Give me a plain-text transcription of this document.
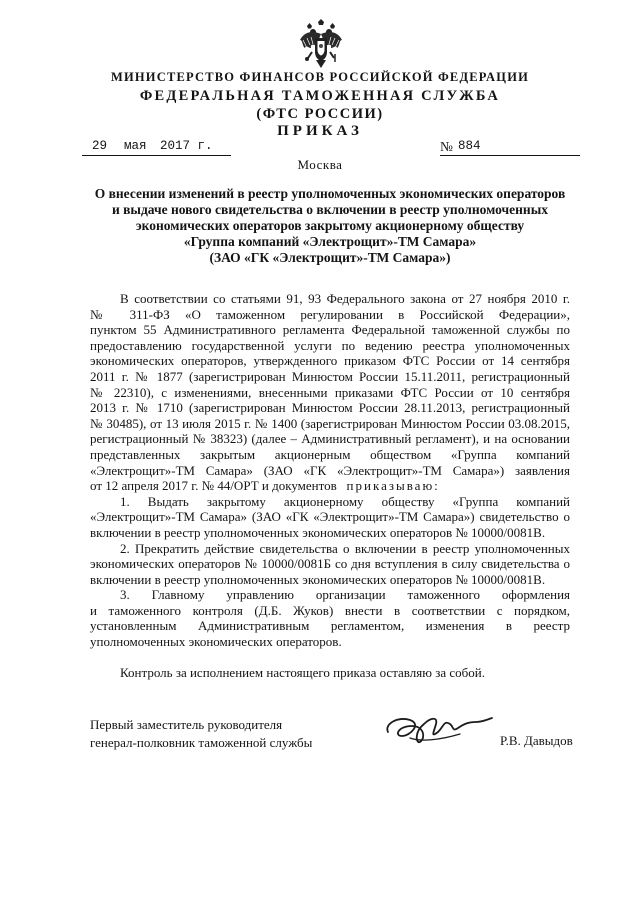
МИНИСТЕРСТВО ФИНАНСОВ РОССИЙСКОЙ ФЕДЕРАЦИИ
ФЕДЕРАЛЬНАЯ ТАМОЖЕННАЯ СЛУЖБА
(ФТС РОССИИ)
ПРИКАЗ
29 мая 2017 г.	№ 884
Москва
О внесении изменений в реестр уполномоченных экономических операторов
и выдаче нового свидетельства о включении в реестр уполномоченных
экономических операторов закрытому акционерному обществу
«Группа компаний «Электрощит»-ТМ Самара»
(ЗАО «ГК «Электрощит»-ТМ Самара»)
В соответствии со статьями 91, 93 Федерального закона от 27 ноября 2010 г.
№ 311-ФЗ «О таможенном регулировании в Российской Федерации»,
пунктом 55 Административного регламента Федеральной таможенной службы по
предоставлению государственной услуги по ведению реестра уполномоченных
экономических операторов, утвержденного приказом ФТС России от 14 сентября
2011 г. № 1877 (зарегистрирован Минюстом России 15.11.2011, регистрационный
№ 22310), с изменениями, внесенными приказами ФТС России от 10 сентября
2013 г. № 1710 (зарегистрирован Минюстом России 28.11.2013, регистрационный
№ 30485), от 13 июля 2015 г. № 1400 (зарегистрирован Минюстом России 03.08.2015,
регистрационный № 38323) (далее – Административный регламент), и на основании
представленных закрытым акционерным обществом «Группа компаний
«Электрощит»-ТМ Самара» (ЗАО «ГК «Электрощит»-ТМ Самара») заявления
от 12 апреля 2017 г. № 44/ОРТ и документов приказываю:
1. Выдать закрытому акционерному обществу «Группа компаний
«Электрощит»-ТМ Самара» (ЗАО «ГК «Электрощит»-ТМ Самара») свидетельство о
включении в реестр уполномоченных экономических операторов № 10000/0081В.
2. Прекратить действие свидетельства о включении в реестр уполномоченных
экономических операторов № 10000/0081Б со дня вступления в силу свидетельства о
включении в реестр уполномоченных экономических операторов № 10000/0081В.
3. Главному управлению организации таможенного оформления
и таможенного контроля (Д.Б. Жуков) внести в соответствии с порядком,
установленным Административным регламентом, изменения в реестр
уполномоченных экономических операторов.
Контроль за исполнением настоящего приказа оставляю за собой.
Первый заместитель руководителя
генерал-полковник таможенной службы	Р.В. Давыдов
